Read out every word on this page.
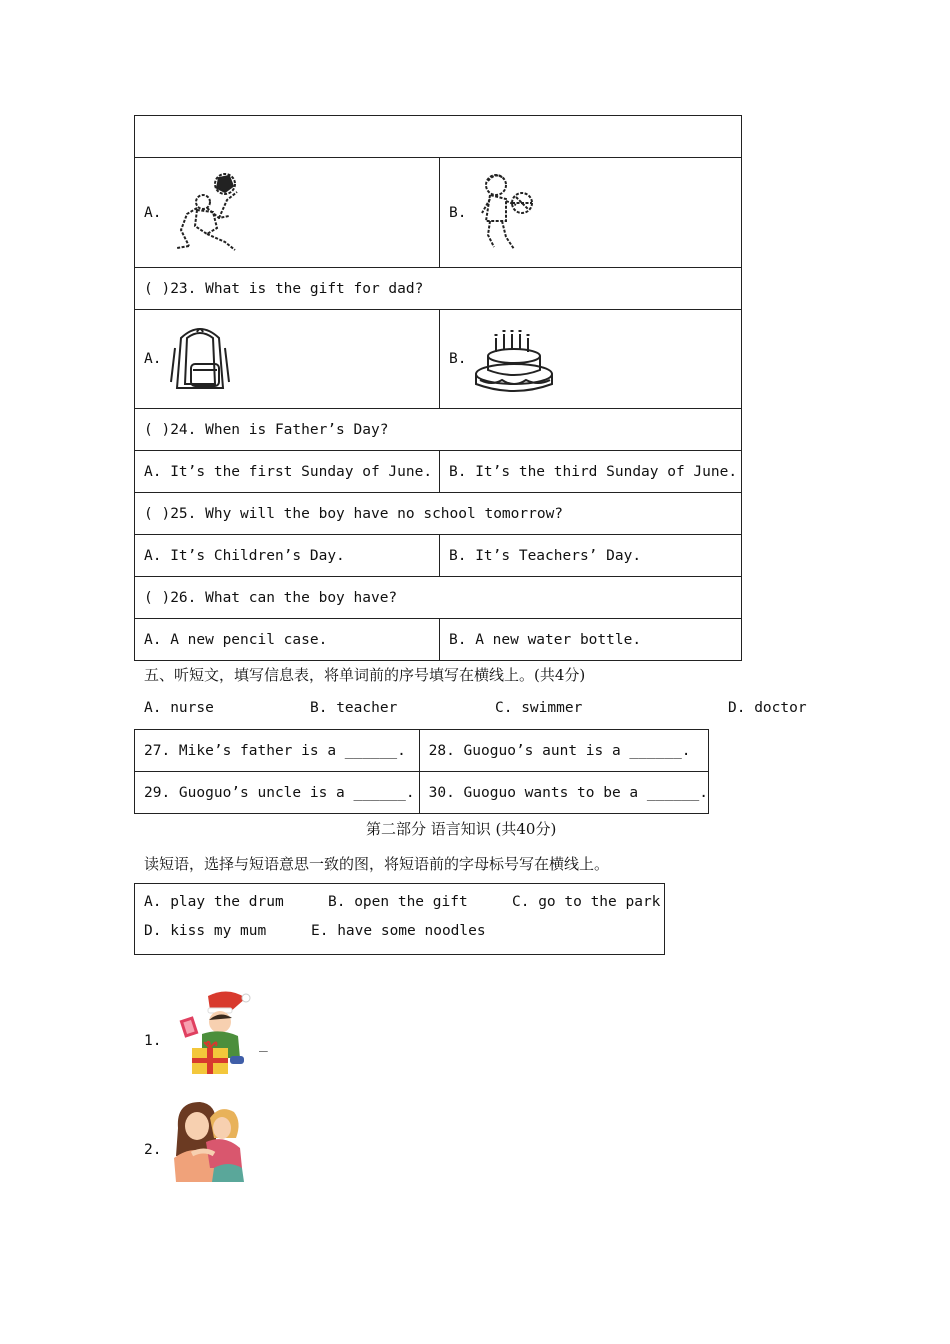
A.	B.

( )23. What is the gift for dad?	

A.	B.

( )24. When is Father’s Day?	
A. It’s the first Sunday of June.	B. It’s the third Sunday of June.
( )25. Why will the boy have no school tomorrow?	
A. It’s Children’s Day.	B. It’s Teachers’ Day.
( )26. What can the boy have?	
A. A new pencil case.	B. A new water bottle.
五、听短文，填写信息表，将单词前的序号填写在横线上。(共4分)
A. nurse	B. teacher	C. swimmer	D. doctor
27. Mike’s father is a ______.	28. Guoguo’s aunt is a ______.
29. Guoguo’s uncle is a ______.	30. Guoguo wants to be a ______.
第二部分 语言知识 (共40分)
读短语，选择与短语意思一致的图，将短语前的字母标号写在横线上。
A. play the drum	B. open the gift	C. go to the park
D. kiss my mum	E. have some noodles
1.	_
2.
